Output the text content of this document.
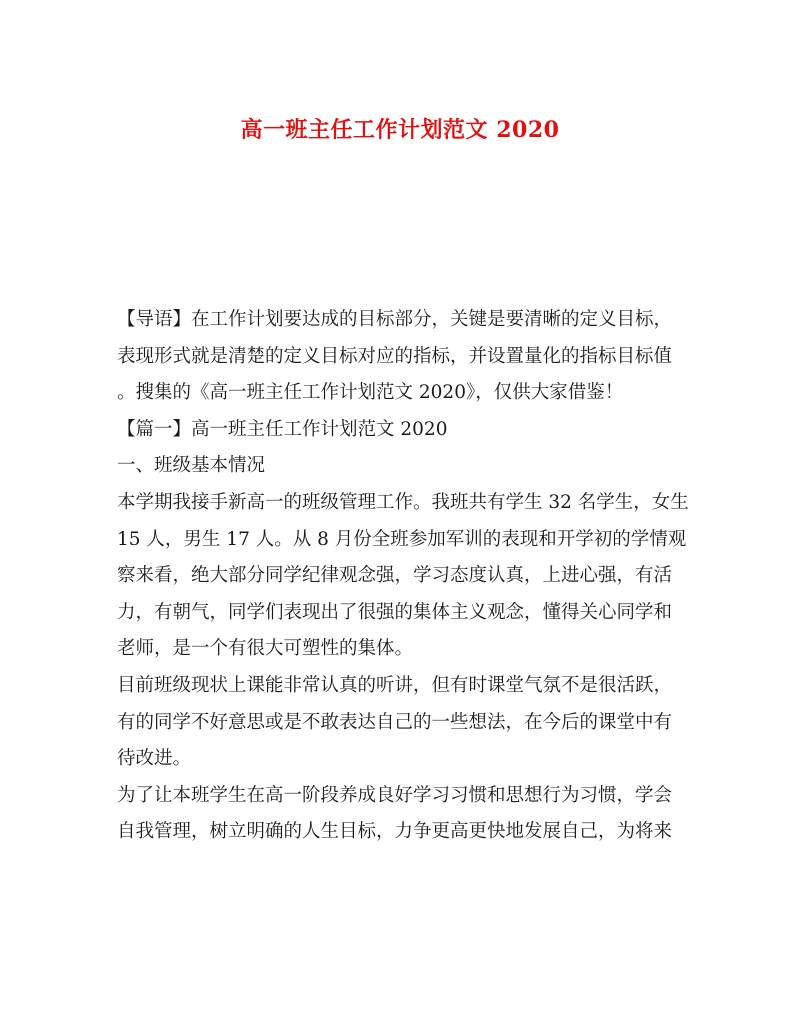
高一班主任工作计划范文 2020
【导语】在工作计划要达成的目标部分，关键是要清晰的定义目标，
表现形式就是清楚的定义目标对应的指标，并设置量化的指标目标值
。搜集的《高一班主任工作计划范文 2020》，仅供大家借鉴！
【篇一】高一班主任工作计划范文 2020
一、班级基本情况
本学期我接手新高一的班级管理工作。我班共有学生 32 名学生，女生
15 人，男生 17 人。从 8 月份全班参加军训的表现和开学初的学情观
察来看，绝大部分同学纪律观念强，学习态度认真，上进心强，有活
力，有朝气，同学们表现出了很强的集体主义观念，懂得关心同学和
老师，是一个有很大可塑性的集体。
目前班级现状上课能非常认真的听讲，但有时课堂气氛不是很活跃，
有的同学不好意思或是不敢表达自己的一些想法，在今后的课堂中有
待改进。
为了让本班学生在高一阶段养成良好学习习惯和思想行为习惯，学会
自我管理，树立明确的人生目标，力争更高更快地发展自己，为将来
